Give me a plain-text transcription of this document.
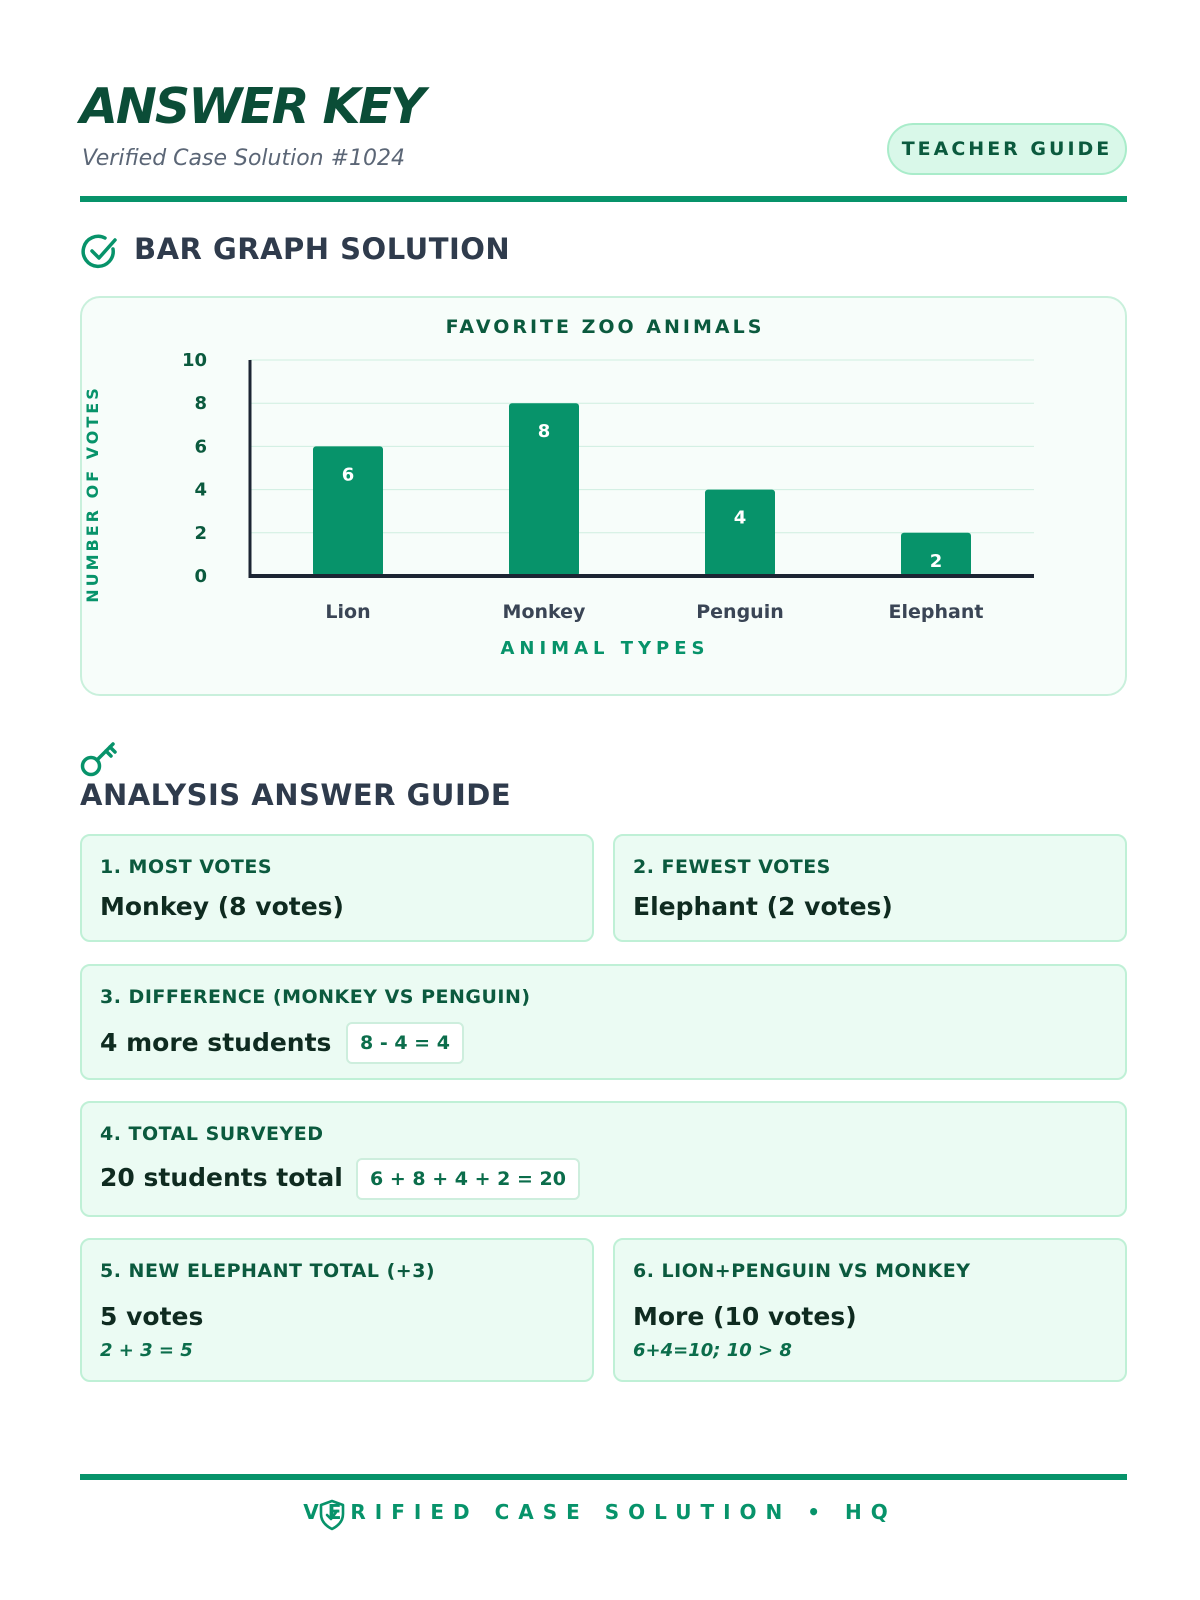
ANSWER KEY
Verified Case Solution #1024	TEACHER GUIDE
BAR GRAPH SOLUTION
FAVORITE ZOO ANIMALS
NUMBER OF VOTES
ANIMAL TYPES
0
2
4
6
8
10
6
Lion
8
Monkey
4
Penguin
2
Elephant
ANALYSIS ANSWER GUIDE
1. MOST VOTES
Monkey (8 votes)
2. FEWEST VOTES
Elephant (2 votes)
3. DIFFERENCE (MONKEY VS PENGUIN)
4 more students	8 - 4 = 4
4. TOTAL SURVEYED
20 students total	6 + 8 + 4 + 2 = 20
5. NEW ELEPHANT TOTAL (+3)
5 votes
2 + 3 = 5
6. LION+PENGUIN VS MONKEY
More (10 votes)
6+4=10; 10 > 8
VERIFIED CASE SOLUTION • HQ
